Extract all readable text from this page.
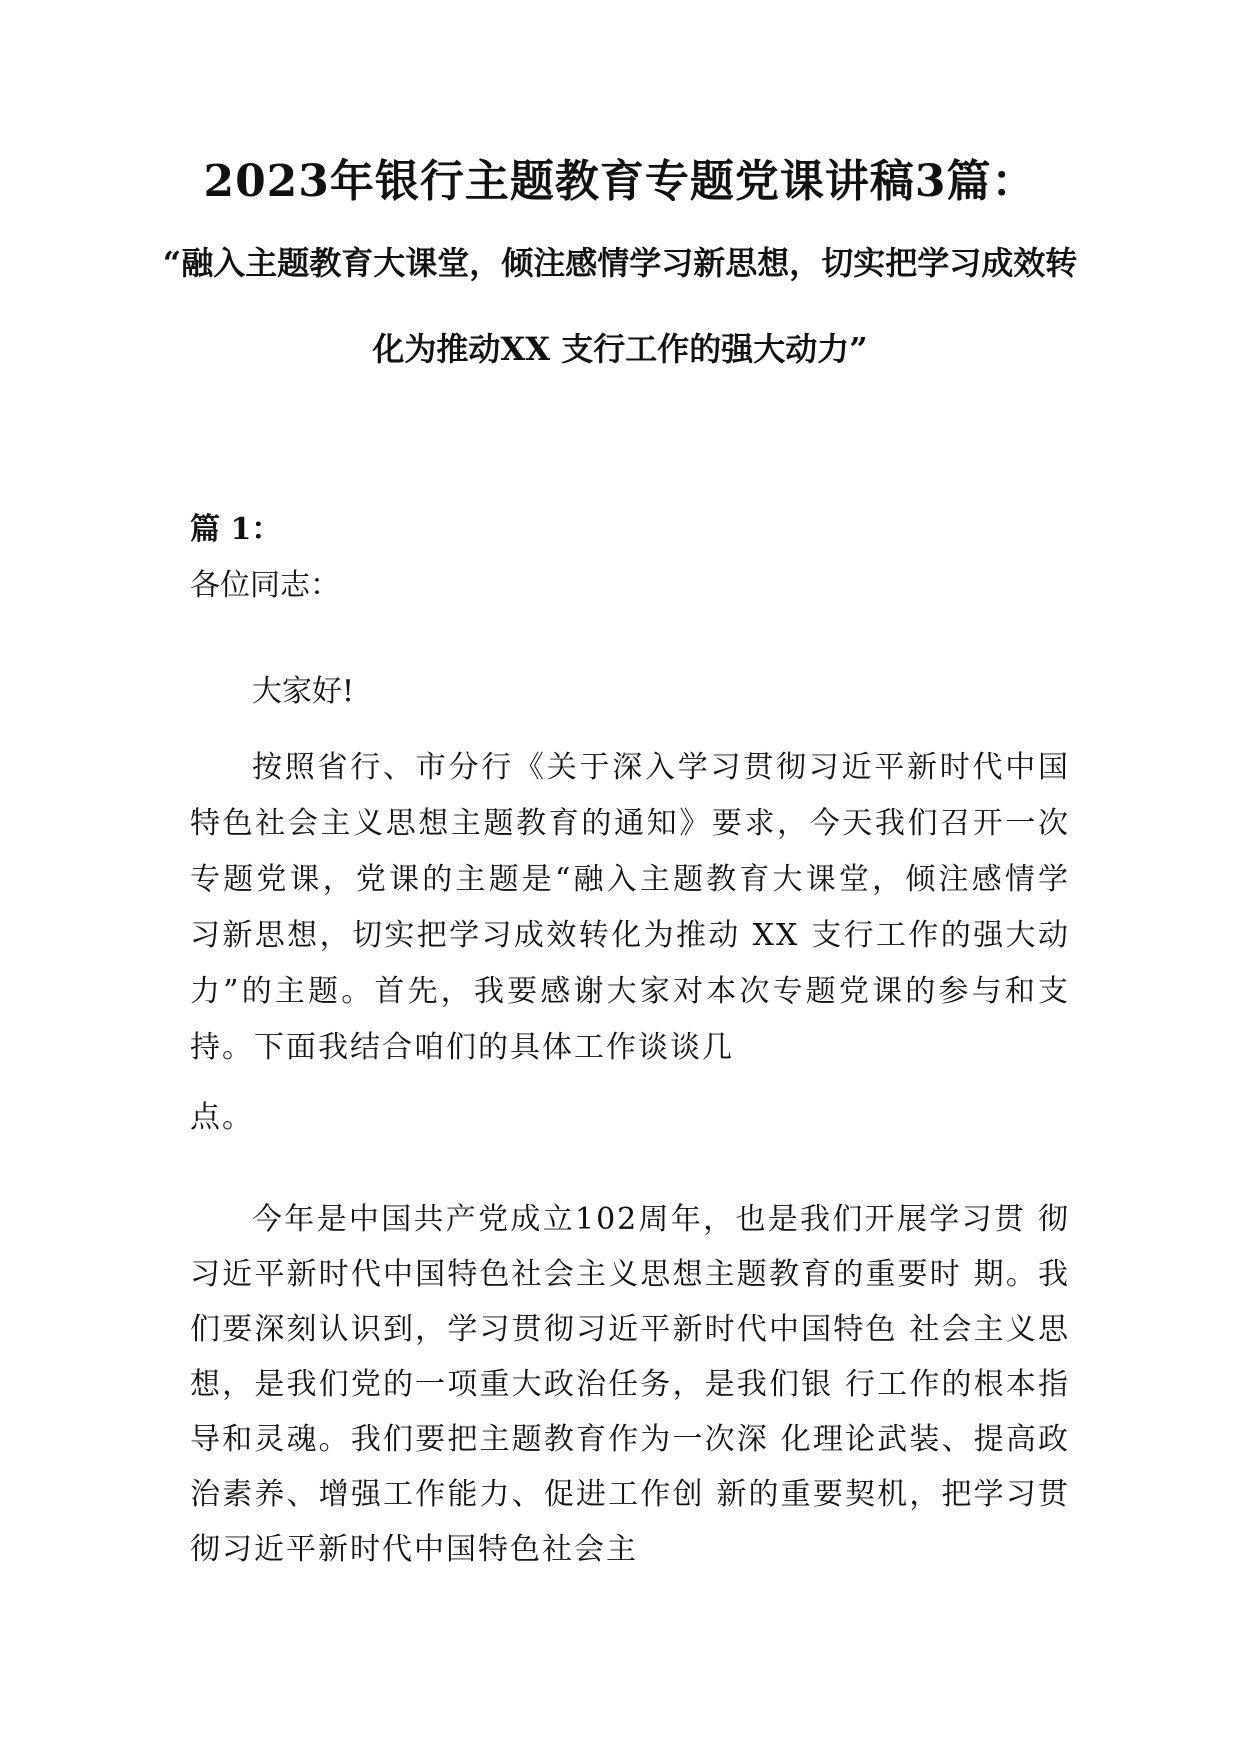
2023年银行主题教育专题党课讲稿3篇：
“融入主题教育大课堂，倾注感情学习新思想，切实把学习成效转化为推动XX 支行工作的强大动力”
篇 1：
各位同志：
大家好!
按照省行、市分行《关于深入学习贯彻习近平新时代中国特色社会主义思想主题教育的通知》要求，今天我们召开一次专题党课，党课的主题是“融入主题教育大课堂，倾注感情学习新思想，切实把学习成效转化为推动 XX 支行工作的强大动力”的主题。首先，我要感谢大家对本次专题党课的参与和支持。下面我结合咱们的具体工作谈谈几
点。
今年是中国共产党成立102周年，也是我们开展学习贯 彻习近平新时代中国特色社会主义思想主题教育的重要时 期。我们要深刻认识到，学习贯彻习近平新时代中国特色 社会主义思想，是我们党的一项重大政治任务，是我们银 行工作的根本指导和灵魂。我们要把主题教育作为一次深 化理论武装、提高政治素养、增强工作能力、促进工作创 新的重要契机，把学习贯彻习近平新时代中国特色社会主
